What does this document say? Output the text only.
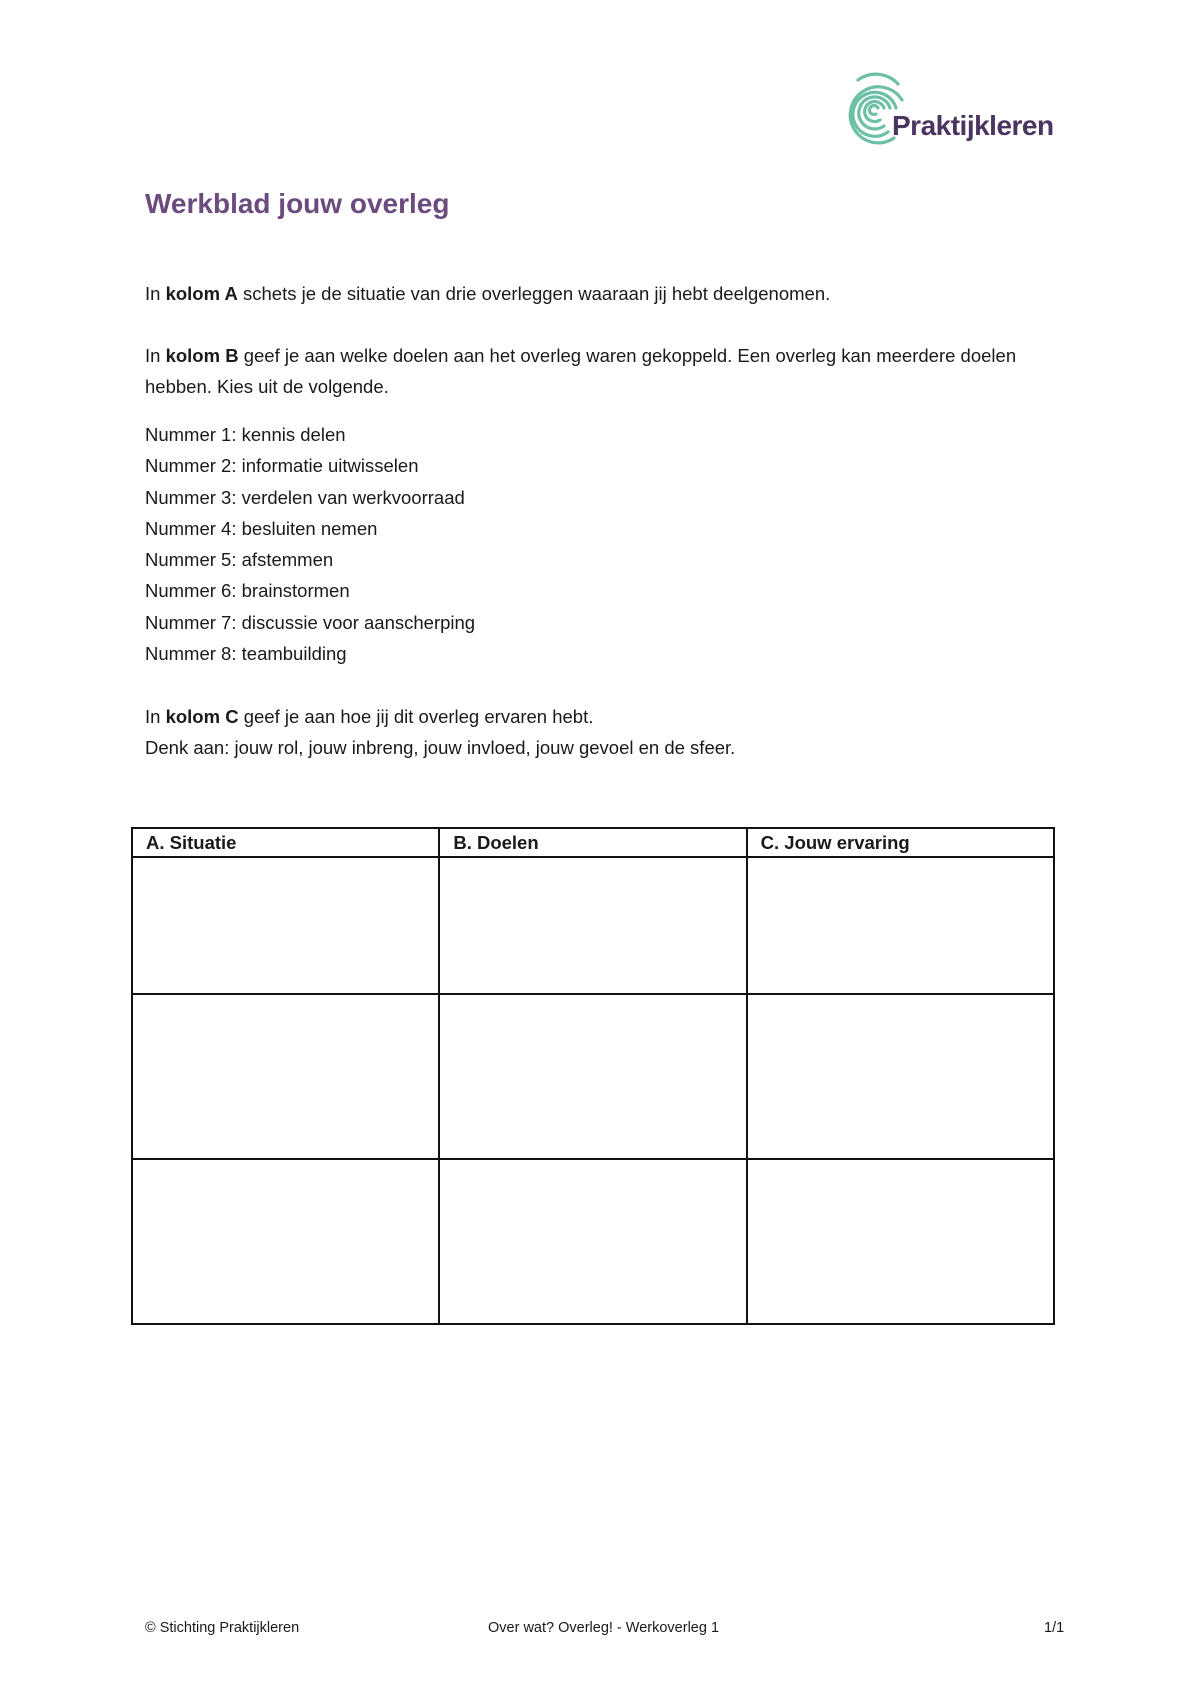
Praktijkleren
Werkblad jouw overleg

In kolom A schets je de situatie van drie overleggen waaraan jij hebt deelgenomen.

In kolom B geef je aan welke doelen aan het overleg waren gekoppeld. Een overleg kan meerdere doelen hebben. Kies uit de volgende.

Nummer 1: kennis delen
Nummer 2: informatie uitwisselen
Nummer 3: verdelen van werkvoorraad
Nummer 4: besluiten nemen
Nummer 5: afstemmen
Nummer 6: brainstormen
Nummer 7: discussie voor aanscherping
Nummer 8: teambuilding

In kolom C geef je aan hoe jij dit overleg ervaren hebt.
Denk aan: jouw rol, jouw inbreng, jouw invloed, jouw gevoel en de sfeer.

A. Situatie	B. Doelen	C. Jouw ervaring

© Stichting Praktijkleren	Over wat? Overleg! - Werkoverleg 1	1/1
